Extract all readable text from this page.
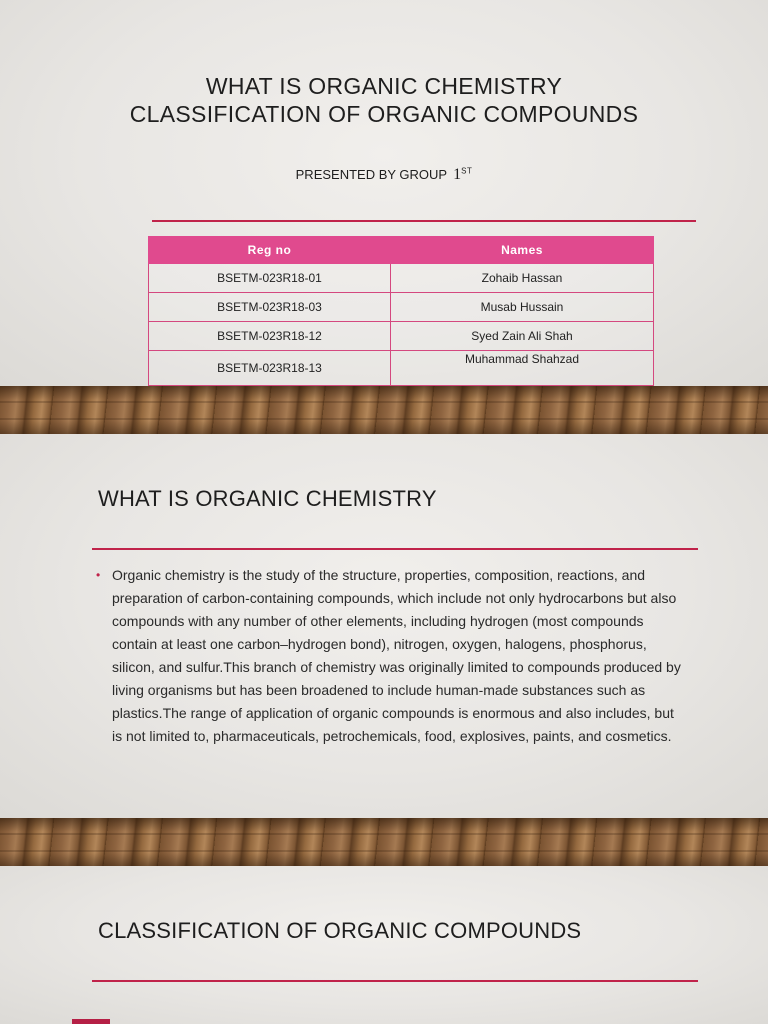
WHAT IS ORGANIC CHEMISTRY
CLASSIFICATION OF ORGANIC COMPOUNDS
PRESENTED BY GROUP 1ST
Reg no	Names
BSETM-023R18-01	Zohaib Hassan
BSETM-023R18-03	Musab Hussain
BSETM-023R18-12	Syed Zain Ali Shah
BSETM-023R18-13	Muhammad Shahzad
WHAT IS ORGANIC CHEMISTRY
• Organic chemistry is the study of the structure, properties, composition, reactions, and preparation of carbon-containing compounds, which include not only hydrocarbons but also compounds with any number of other elements, including hydrogen (most compounds contain at least one carbon–hydrogen bond), nitrogen, oxygen, halogens, phosphorus, silicon, and sulfur.This branch of chemistry was originally limited to compounds produced by living organisms but has been broadened to include human-made substances such as plastics.The range of application of organic compounds is enormous and also includes, but is not limited to, pharmaceuticals, petrochemicals, food, explosives, paints, and cosmetics.
CLASSIFICATION OF ORGANIC COMPOUNDS
